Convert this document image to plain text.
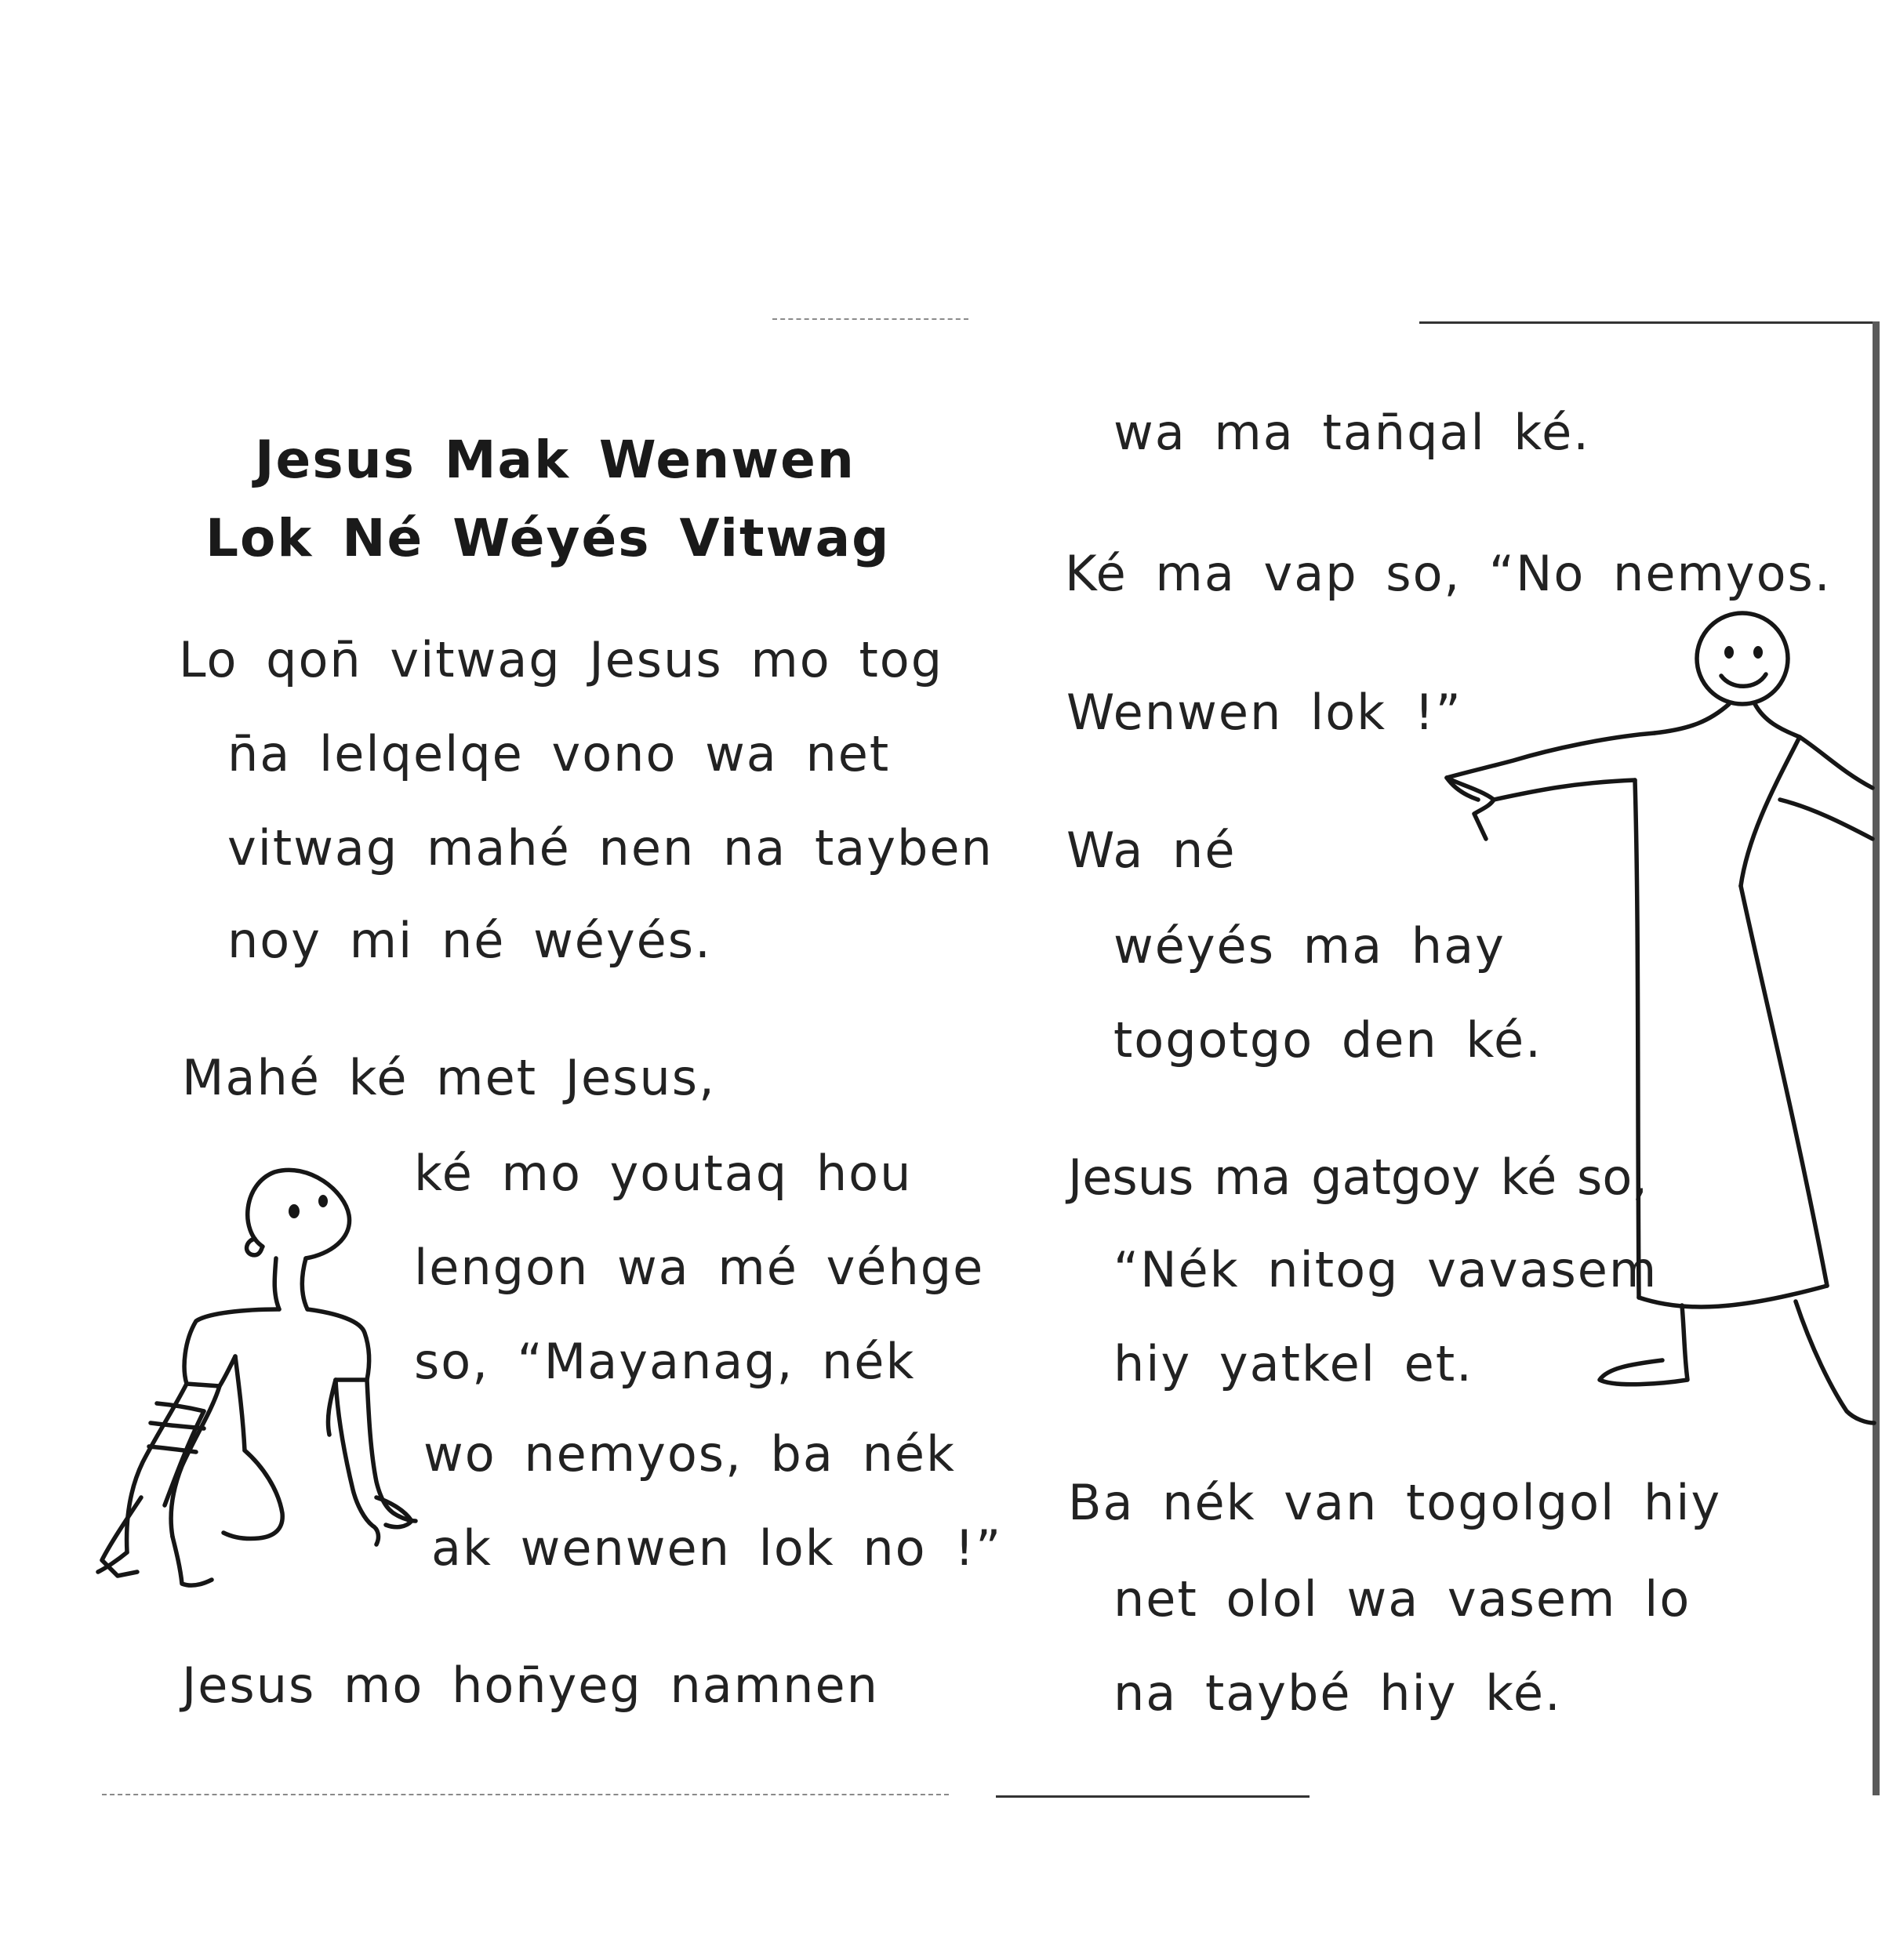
Jesus Mak Wenwen
Lok Né Wéyés Vitwag
Lo qon̄ vitwag Jesus mo tog
n̄a lelqelqe vono wa net
vitwag mahé nen na tayben
noy mi né wéyés.
Mahé ké met Jesus,
ké mo youtaq hou
lengon wa mé véhge
so, “Mayanag, nék
wo nemyos, ba nék
ak wenwen lok no !”
Jesus mo hon̄yeg namnen
wa ma tan̄qal ké.
Ké ma vap so, “No nemyos.
Wenwen lok !”
Wa né
wéyés ma hay
togotgo den ké.
Jesus ma gatgoy ké so,
“Nék nitog vavasem
hiy yatkel et.
Ba nék van togolgol hiy
net olol wa vasem lo
na taybé hiy ké.
